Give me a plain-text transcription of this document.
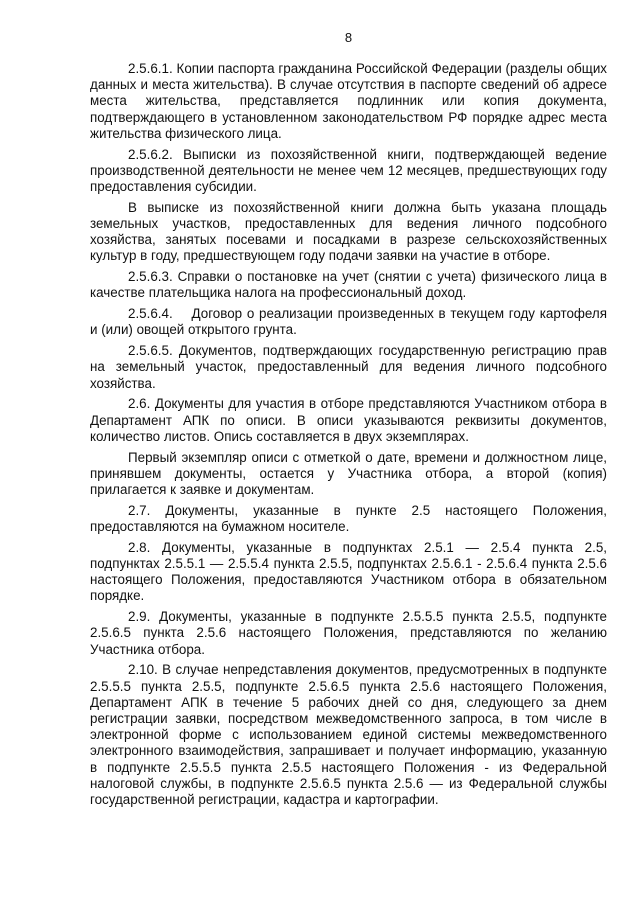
8

2.5.6.1. Копии паспорта гражданина Российской Федерации (разделы общих данных и места жительства). В случае отсутствия в паспорте сведений об адресе места жительства, представляется подлинник или копия документа, подтверждающего в установленном законодательством РФ порядке адрес места жительства физического лица.

2.5.6.2. Выписки из похозяйственной книги, подтверждающей ведение производственной деятельности не менее чем 12 месяцев, предшествующих году предоставления субсидии.

В выписке из похозяйственной книги должна быть указана площадь земельных участков, предоставленных для ведения личного подсобного хозяйства, занятых посевами и посадками в разрезе сельскохозяйственных культур в году, предшествующем году подачи заявки на участие в отборе.

2.5.6.3. Справки о постановке на учет (снятии с учета) физического лица в качестве плательщика налога на профессиональный доход.

2.5.6.4.    Договор о реализации произведенных в текущем году картофеля и (или) овощей открытого грунта.

2.5.6.5. Документов, подтверждающих государственную регистрацию прав на земельный участок, предоставленный для ведения личного подсобного хозяйства.

2.6. Документы для участия в отборе представляются Участником отбора в Департамент АПК по описи. В описи указываются реквизиты документов, количество листов. Опись составляется в двух экземплярах.

Первый экземпляр описи с отметкой о дате, времени и должностном лице, принявшем документы, остается у Участника отбора, а второй (копия) прилагается к заявке и документам.

2.7. Документы, указанные в пункте 2.5 настоящего Положения, предоставляются на бумажном носителе.

2.8. Документы, указанные в подпунктах 2.5.1 — 2.5.4 пункта 2.5, подпунктах 2.5.5.1 — 2.5.5.4 пункта 2.5.5, подпунктах 2.5.6.1 - 2.5.6.4 пункта 2.5.6 настоящего Положения, предоставляются Участником отбора в обязательном порядке.

2.9. Документы, указанные в подпункте 2.5.5.5 пункта 2.5.5, подпункте 2.5.6.5 пункта 2.5.6 настоящего Положения, представляются по желанию Участника отбора.

2.10. В случае непредставления документов, предусмотренных в подпункте 2.5.5.5 пункта 2.5.5, подпункте 2.5.6.5 пункта 2.5.6 настоящего Положения, Департамент АПК в течение 5 рабочих дней со дня, следующего за днем регистрации заявки, посредством межведомственного запроса, в том числе в электронной форме с использованием единой системы межведомственного электронного взаимодействия, запрашивает и получает информацию, указанную в подпункте 2.5.5.5 пункта 2.5.5 настоящего Положения - из Федеральной налоговой службы, в подпункте 2.5.6.5 пункта 2.5.6 — из Федеральной службы государственной регистрации, кадастра и картографии.
